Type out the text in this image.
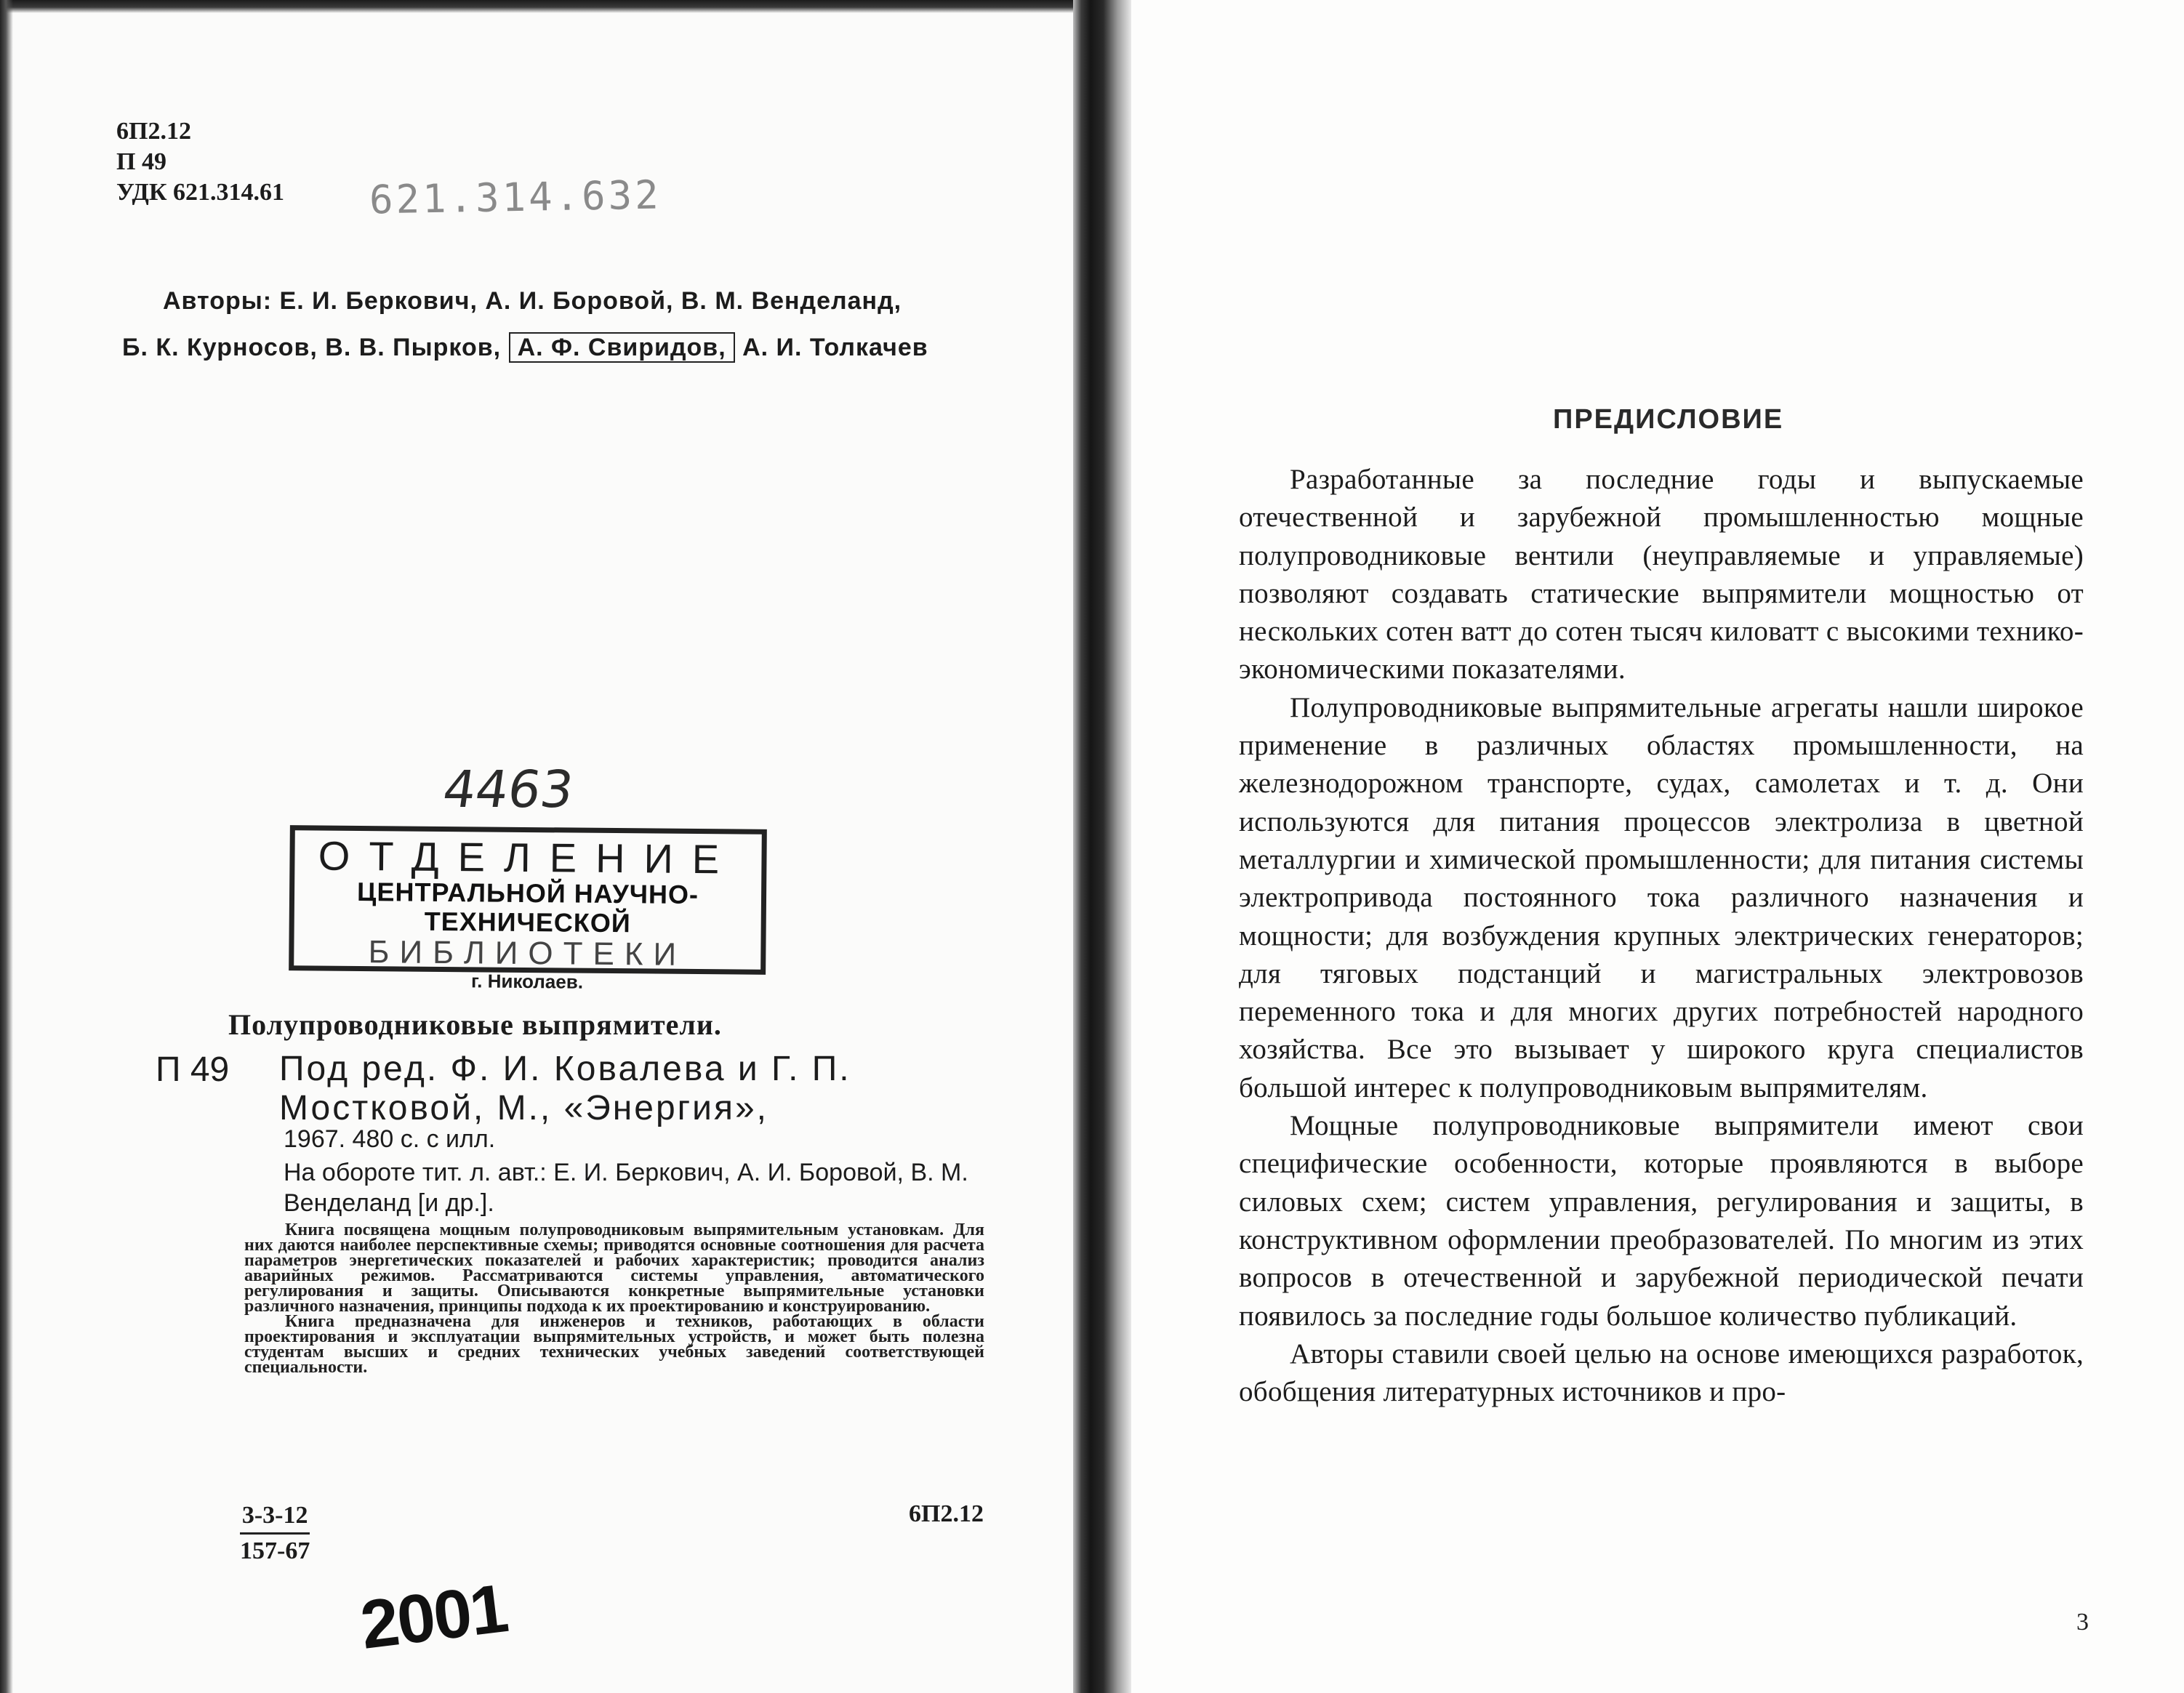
6П2.12
П 49
УДК 621.314.61 621.314.632
Авторы: Е. И. Беркович, А. И. Боровой, В. М. Венделанд,
Б. К. Курносов, В. В. Пырков, А. Ф. Свиридов, А. И. Толкачев
4463
ОТДЕЛЕНИЕ
ЦЕНТРАЛЬНОЙ НАУЧНО-ТЕХНИЧЕСКОЙ
БИБЛИОТЕКИ
г. Николаев.
Полупроводниковые выпрямители.
П 49 Под ред. Ф. И. Ковалева и Г. П. Мостковой, М., «Энергия»,
1967. 480 с. с илл.
На обороте тит. л. авт.: Е. И. Беркович, А. И. Боровой, В. М. Венделанд [и др.].

Книга посвящена мощным полупроводниковым выпрямительным установкам. Для них даются наиболее перспективные схемы; приводятся основные соотношения для расчета параметров энергетических показателей и рабочих характеристик; проводится анализ аварийных режимов. Рассматриваются системы управления, автоматического регулирования и защиты. Описываются конкретные выпрямительные установки различного назначения, принципы подхода к их проектированию и конструированию.

Книга предназначена для инженеров и техников, работающих в области проектирования и эксплуатации выпрямительных устройств, и может быть полезна студентам высших и средних технических учебных заведений соответствующей специальности.

3-3-12
157-67
6П2.12
2001
ПРЕДИСЛОВИЕ

Разработанные за последние годы и выпускаемые отечественной и зарубежной промышленностью мощные полупроводниковые вентили (неуправляемые и управляемые) позволяют создавать статические выпрямители мощностью от нескольких сотен ватт до сотен тысяч киловатт с высокими технико-экономическими показателями.

Полупроводниковые выпрямительные агрегаты нашли широкое применение в различных областях промышленности, на железнодорожном транспорте, судах, самолетах и т. д. Они используются для питания процессов электролиза в цветной металлургии и химической промышленности; для питания системы электропривода постоянного тока различного назначения и мощности; для возбуждения крупных электрических генераторов; для тяговых подстанций и магистральных электровозов переменного тока и для многих других потребностей народного хозяйства. Все это вызывает у широкого круга специалистов большой интерес к полупроводниковым выпрямителям.

Мощные полупроводниковые выпрямители имеют свои специфические особенности, которые проявляются в выборе силовых схем; систем управления, регулирования и защиты, в конструктивном оформлении преобразователей. По многим из этих вопросов в отечественной и зарубежной периодической печати появилось за последние годы большое количество публикаций.

Авторы ставили своей целью на основе имеющихся разработок, обобщения литературных источников и про-

3
